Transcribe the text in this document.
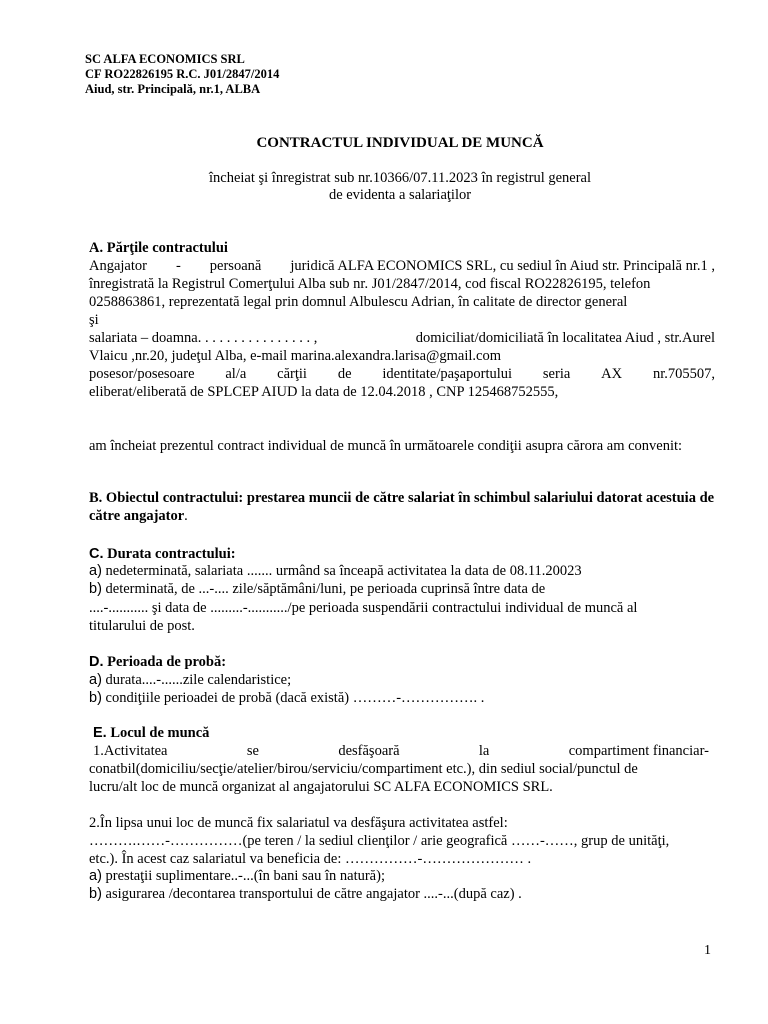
SC ALFA ECONOMICS SRL
CF RO22826195 R.C. J01/2847/2014
Aiud, str. Principală, nr.1, ALBA
CONTRACTUL INDIVIDUAL DE MUNCĂ
încheiat şi înregistrat sub nr.10366/07.11.2023 în registrul general
de evidenta a salariaţilor
A. Părţile contractului
Angajator - persoană juridică ALFA ECONOMICS SRL, cu sediul în Aiud str. Principală nr.1 ,
înregistrată la Registrul Comerţului Alba sub nr. J01/2847/2014, cod fiscal RO22826195, telefon
0258863861, reprezentată legal prin domnul Albulescu Adrian, în calitate de director general
şi
salariata – doamna. . . . . . . . . . . . . . . . ,	domiciliat/domiciliată în localitatea Aiud , str.Aurel
Vlaicu ,nr.20, judeţul Alba, e-mail marina.alexandra.larisa@gmail.com
posesor/posesoare al/a cărţii de identitate/paşaportului seria AX nr.705507,
eliberat/eliberată de SPLCEP AIUD la data de 12.04.2018 , CNP 125468752555,
am încheiat prezentul contract individual de muncă în următoarele condiţii asupra cărora am convenit:
B. Obiectul contractului: prestarea muncii de către salariat în schimbul salariului datorat acestuia de
către angajator.
C. Durata contractului:
a) nedeterminată, salariata ....... urmând sa înceapă activitatea la data de 08.11.20023
b) determinată, de ...-.... zile/săptămâni/luni, pe perioada cuprinsă între data de
....-........... şi data de .........-.........../pe perioada suspendării contractului individual de muncă al
titularului de post.
D. Perioada de probă:
a) durata....-......zile calendaristice;
b) condiţiile perioadei de probă (dacă există) ………-……………. .
E. Locul de muncă
1.Activitatea	se	desfăşoară	la	compartiment financiar-
conatbil(domiciliu/secţie/atelier/birou/serviciu/compartiment etc.), din sediul social/punctul de
lucru/alt loc de muncă organizat al angajatorului SC ALFA ECONOMICS SRL.
2.În lipsa unui loc de muncă fix salariatul va desfăşura activitatea astfel:
……….……-……………(pe teren / la sediul clienţilor / arie geografică ……-……, grup de unităţi,
etc.). În acest caz salariatul va beneficia de: ……………-………………… .
a) prestaţii suplimentare..-...(în bani sau în natură);
b) asigurarea /decontarea transportului de către angajator ....-...(după caz) .
1
